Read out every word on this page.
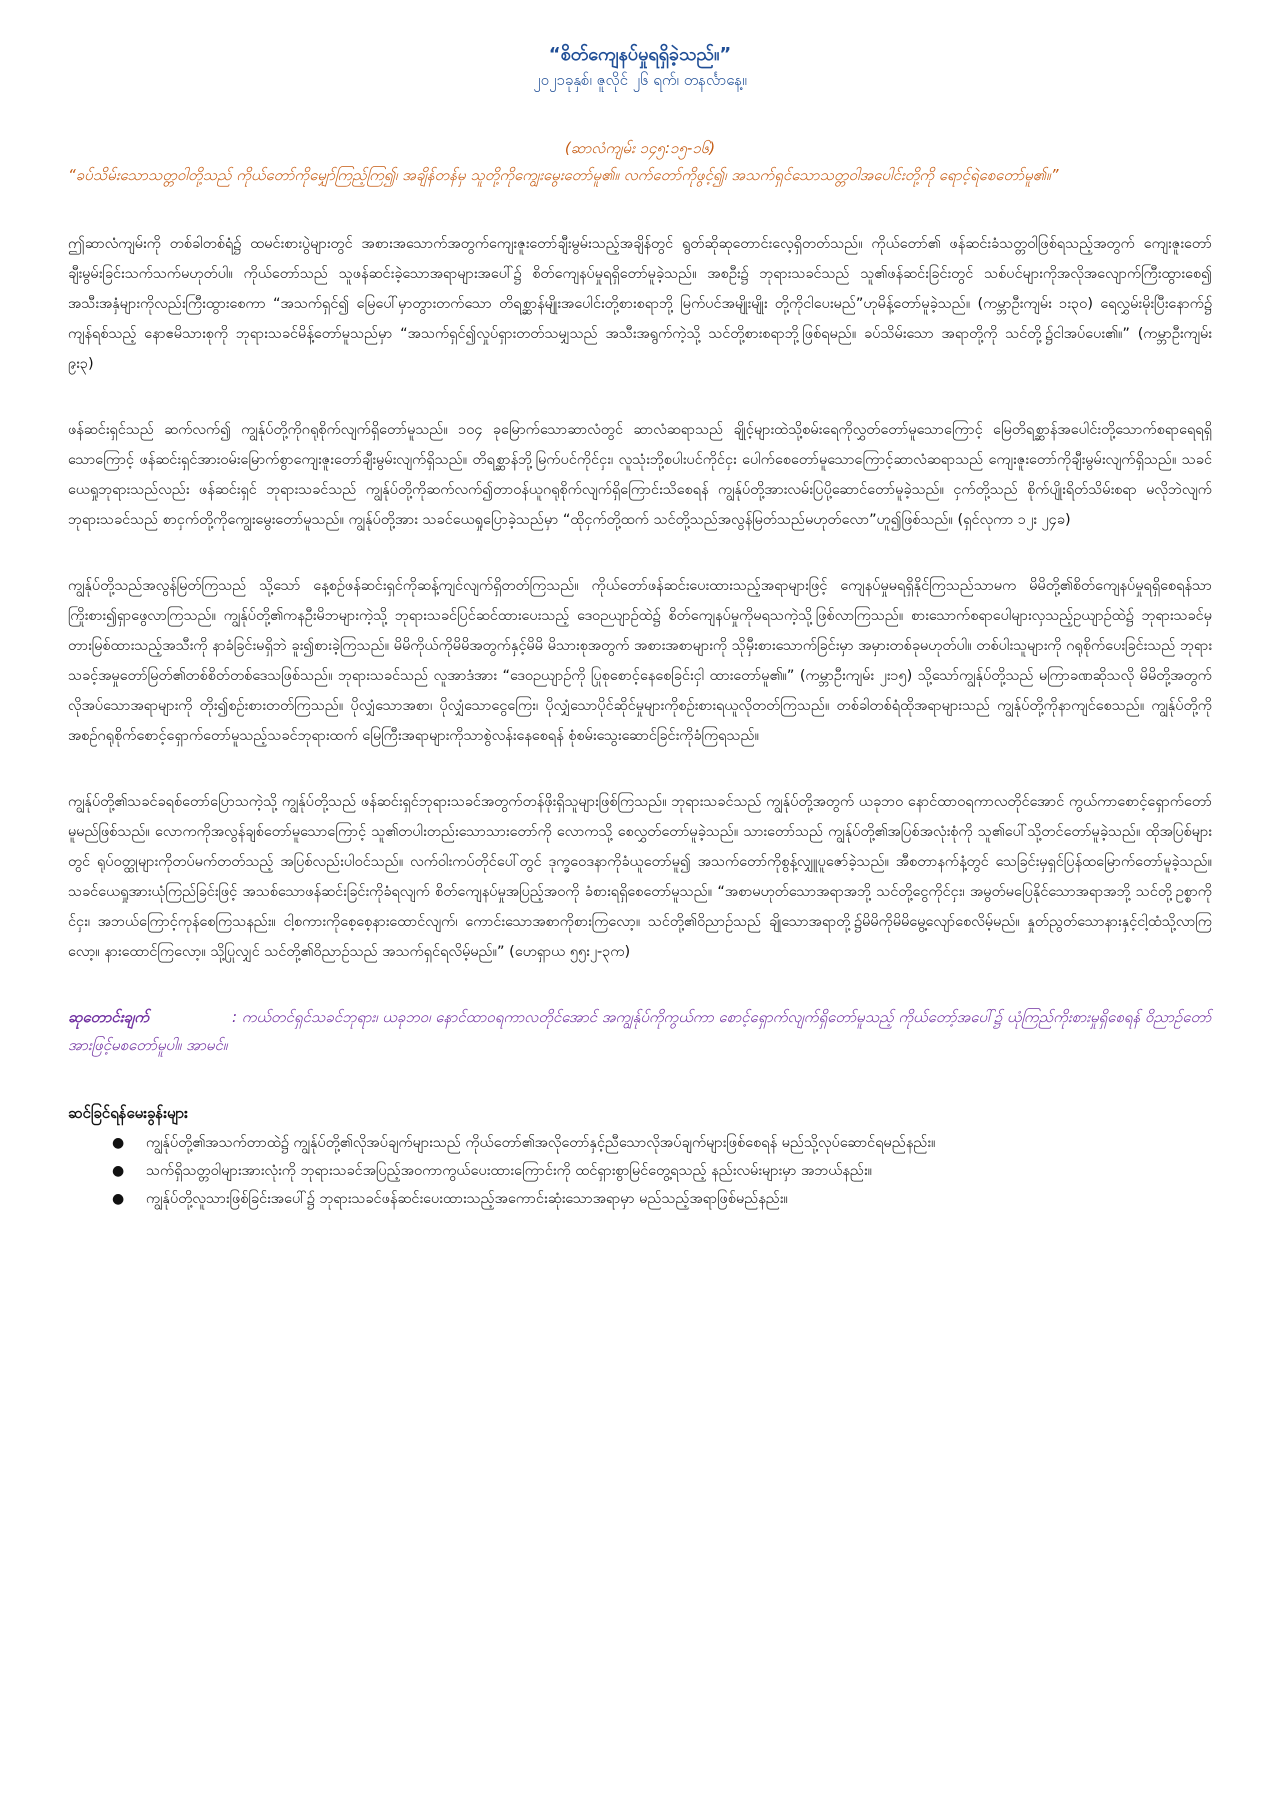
“စိတ်ကျေနပ်မှုရရှိခဲ့သည်။”

၂၀၂၁ခုနှစ်၊ ဇူလိုင် ၂၆ ရက်၊ တနင်္လာနေ့။

(ဆာလံကျမ်း ၁၄၅:၁၅-၁၆)

“ခပ်သိမ်းသောသတ္တဝါတို့သည် ကိုယ်တော်ကိုမျှော်ကြည့်ကြ၍၊ အချိန်တန်မှ သူတို့ကိုကျွေးမွေးတော်မူ၏။ လက်တော်ကိုဖွင့်၍၊ အသက်ရှင်သောသတ္တဝါအပေါင်းတို့ကို ရောင့်ရဲစေတော်မူ၏။”

ဤဆာလံကျမ်းကို တစ်ခါတစ်ရံ၌ ထမင်းစားပွဲများတွင် အစားအသောက်အတွက်ကျေးဇူးတော်ချီးမွမ်းသည့်အချိန်တွင် ရွတ်ဆိုဆုတောင်းလေ့ရှိတတ်သည်။ ကိုယ်တော်၏ ဖန်ဆင်းခံသတ္တဝါဖြစ်ရသည့်အတွက် ကျေးဇူးတော်ချီးမွမ်းခြင်းသက်သက်မဟုတ်ပါ။ ကိုယ်တော်သည် သူဖန်ဆင်းခဲ့သောအရာများအပေါ်၌ စိတ်ကျေနပ်မှုရရှိတော်မူခဲ့သည်။ အစဦး၌ ဘုရားသခင်သည် သူ၏ဖန်ဆင်းခြင်းတွင် သစ်ပင်များကိုအလိုအလျောက်ကြီးထွားစေ၍ အသီးအနှံများကိုလည်းကြီးထွားစေကာ “အသက်ရှင်၍ မြေပေါ်မှာတွားတက်သော တိရစ္ဆာန်မျိုးအပေါင်းတို့စားစရာဘို့ မြက်ပင်အမျိုးမျိုး တို့ကိုငါပေးမည်”ဟုမိန့်တော်မူခဲ့သည်။ (ကမ္ဘာဦးကျမ်း ၁း၃၀) ရေလွှမ်းမိုးပြီးနောက်၌ ကျန်ရစ်သည့် နောဧမိသားစုကို ဘုရားသခင်မိန့်တော်မူသည်မှာ “အသက်ရှင်၍လှုပ်ရှားတတ်သမျှသည် အသီးအရွက်ကဲ့သို့ သင်တို့စားစရာဘို့ဖြစ်ရမည်။ ခပ်သိမ်းသော အရာတို့ကို သင်တို့၌ငါအပ်ပေး၏။” (ကမ္ဘာဦးကျမ်း ၉း၃)

ဖန်ဆင်းရှင်သည် ဆက်လက်၍ ကျွန်ုပ်တို့ကိုဂရုစိုက်လျက်ရှိတော်မူသည်။ ၁၀၄ ခုမြောက်သောဆာလံတွင် ဆာလံဆရာသည် ချိုင့်များထဲသို့စမ်းရေကိုလွှတ်တော်မူသောကြောင့် မြေတိရစ္ဆာန်အပေါင်းတို့သောက်စရာရေရရှိသောကြောင့် ဖန်ဆင်းရှင်အားဝမ်းမြောက်စွာကျေးဇူးတော်ချီးမွမ်းလျက်ရှိသည်။ တိရစ္ဆာန်ဘို့မြက်ပင်ကိုင်ငှး၊ လူသုံးဘို့စပါးပင်ကိုင်ငှး ပေါက်စေတော်မူသောကြောင့်ဆာလံဆရာသည် ကျေးဇူးတော်ကိုချီးမွမ်းလျက်ရှိသည်။ သခင်ယေရှုဘုရားသည်လည်း ဖန်ဆင်းရှင် ဘုရားသခင်သည် ကျွန်ုပ်တို့ကိုဆက်လက်၍တာဝန်ယူဂရုစိုက်လျက်ရှိကြောင်းသိစေရန် ကျွန်ုပ်တို့အားလမ်းပြပို့ဆောင်တော်မူခဲ့သည်။ ငှက်တို့သည် စိုက်ပျိုးရိတ်သိမ်းစရာ မလိုဘဲလျက် ဘုရားသခင်သည် စာငှက်တို့ကိုကျွေးမွေးတော်မူသည်။ ကျွန်ုပ်တို့အား သခင်ယေရှုပြောခဲ့သည်မှာ “ထိုငှက်တို့ထက် သင်တို့သည်အလွန်မြတ်သည်မဟုတ်လော”ဟူ၍ဖြစ်သည်။ (ရှင်လုကာ ၁၂း ၂၄ခ)

ကျွန်ုပ်တို့သည်အလွန်မြတ်ကြသည် သို့သော် နေ့စဉ်ဖန်ဆင်းရှင်ကိုဆန့်ကျင်လျက်ရှိတတ်ကြသည်။ ကိုယ်တော်ဖန်ဆင်းပေးထားသည့်အရာများဖြင့် ကျေနပ်မှုမရရှိနိုင်ကြသည်သာမက မိမိတို့၏စိတ်ကျေနပ်မှုရရှိစေရန်သာ ကြိုးစား၍ရှာဖွေလာကြသည်။ ကျွန်ုပ်တို့၏ကနဦးမိဘများကဲ့သို့ ဘုရားသခင်ပြင်ဆင်ထားပေးသည့် ဒေဝဉယျာဉ်ထဲ၌ စိတ်ကျေနပ်မှုကိုမရသကဲ့သို့ဖြစ်လာကြသည်။ စားသောက်စရာပေါများလှသည့်ဥယျာဉ်ထဲ၌ ဘုရားသခင်မှတားမြစ်ထားသည့်အသီးကို နာခံခြင်းမရှိဘဲ ခူး၍စားခဲ့ကြသည်။ မိမိကိုယ်ကိုမိမိအတွက်နှင့်မိမိ မိသားစုအတွက် အစားအစာများကို သိုမှီးစားသောက်ခြင်းမှာ အမှားတစ်ခုမဟုတ်ပါ။ တစ်ပါးသူများကို ဂရုစိုက်ပေးခြင်းသည် ဘုရားသခင့်အမှုတော်မြတ်၏တစ်စိတ်တစ်ဒေသဖြစ်သည်။ ဘုရားသခင်သည် လူအာဒံအား “ဒေဝဉယျာဉ်ကို ပြုစုစောင့်နေစေခြင်းငှါ ထားတော်မူ၏။” (ကမ္ဘာဦးကျမ်း ၂း၁၅) သို့သော်ကျွန်ုပ်တို့သည် မကြာခဏဆိုသလို မိမိတို့အတွက်လိုအပ်သောအရာများကို တိုး၍စဉ်းစားတတ်ကြသည်။ ပိုလျှံသောအစာ၊ ပိုလျှံသောငွေကြေး၊ ပိုလျှံသောပိုင်ဆိုင်မှုများကိုစဉ်းစားရယူလိုတတ်ကြသည်။ တစ်ခါတစ်ရံထိုအရာများသည် ကျွန်ုပ်တို့ကိုနာကျင်စေသည်။ ကျွန်ုပ်တို့ကို အစဉ်ဂရုစိုက်စောင့်ရှောက်တော်မူသည့်သခင်ဘုရားထက် မြေကြီးအရာများကိုသာစွဲလန်းနေစေရန် စုံစမ်းသွေးဆောင်ခြင်းကိုခံကြရသည်။

ကျွန်ုပ်တို့၏သခင်ခရစ်တော်ပြောသကဲ့သို့ ကျွန်ုပ်တို့သည် ဖန်ဆင်းရှင်ဘုရားသခင်အတွက်တန်ဖိုးရှိသူများဖြစ်ကြသည်။ ဘုရားသခင်သည် ကျွန်ုပ်တို့အတွက် ယခုဘဝ နောင်ထာဝရကာလတိုင်အောင် ကွယ်ကာစောင့်ရှောက်တော်မူမည်ဖြစ်သည်။ လောကကိုအလွန်ချစ်တော်မူသောကြောင့် သူ၏တပါးတည်းသောသားတော်ကို လောကသို့ စေလွှတ်တော်မူခဲ့သည်။ သားတော်သည် ကျွန်ုပ်တို့၏အပြစ်အလုံးစုံကို သူ၏ပေါ်သို့တင်တော်မူခဲ့သည်။ ထိုအပြစ်များတွင် ရုပ်ဝတ္ထုများကိုတပ်မက်တတ်သည့် အပြစ်လည်းပါဝင်သည်။ လက်ဝါးကပ်တိုင်ပေါ်တွင် ဒုက္ခဝေဒနာကိုခံယူတော်မူ၍ အသက်တော်ကိုစွန့်လျှူပူဇော်ခဲ့သည်။ အီစတာနက်နံ့တွင် သေခြင်းမှရှင်ပြန်ထမြောက်တော်မူခဲ့သည်။ သခင်ယေရှုအားယုံကြည်ခြင်းဖြင့် အသစ်သောဖန်ဆင်းခြင်းကိုခံရလျက် စိတ်ကျေနပ်မှုအပြည့်အဝကို ခံစားရရှိစေတော်မူသည်။ “အစာမဟုတ်သောအရာအဘို့ သင်တို့ငွေကိုင်ငှး၊ အမွတ်မပြေနိုင်သောအရာအဘို့ သင်တို့ဥစ္စာကိုင်ငှး၊ အဘယ်ကြောင့်ကုန်စေကြသနည်း။ ငါ့စကားကိုစေ့စေ့နားထောင်လျက်၊ ကောင်းသောအစာကိုစားကြလော့။ သင်တို့၏ဝိညာဉ်သည် ချိုသောအရာတို့၌မိမိကိုမိမိမွေ့လျော်စေလိမ့်မည်။ နှုတ်ညွတ်သောနားနှင့်ငါ့ထံသို့လာကြလော့။ နားထောင်ကြလော့။ သို့ပြုလျှင် သင်တို့၏ဝိညာဉ်သည် အသက်ရှင်ရလိမ့်မည်။” (ဟေရှာယ ၅၅း၂-၃က)

ဆုတောင်းချက်	: ကယ်တင်ရှင်သခင်ဘုရား၊ ယခုဘဝ၊ နောင်ထာဝရကာလတိုင်အောင် အကျွန်ုပ်ကိုကွယ်ကာ စောင့်ရှောက်လျက်ရှိတော်မူသည့် ကိုယ်တော့်အပေါ်၌ ယုံကြည်ကိုးစားမှုရှိစေရန် ဝိညာဉ်တော်အားဖြင့်မစတော်မူပါ။ အာမင်။

ဆင်ခြင်ရန်မေးခွန်းများ

● ကျွန်ုပ်တို့၏အသက်တာထဲ၌ ကျွန်ုပ်တို့၏လိုအပ်ချက်များသည် ကိုယ်တော်၏အလိုတော်နှင့်ညီသောလိုအပ်ချက်များဖြစ်စေရန် မည်သို့လုပ်ဆောင်ရမည်နည်း။
● သက်ရှိသတ္တဝါများအားလုံးကို ဘုရားသခင်အပြည့်အဝကာကွယ်ပေးထားကြောင်းကို ထင်ရှားစွာမြင်တွေ့ရသည့် နည်းလမ်းများမှာ အဘယ်နည်း။
● ကျွန်ုပ်တို့လူသားဖြစ်ခြင်းအပေါ်၌ ဘုရားသခင်ဖန်ဆင်းပေးထားသည့်အကောင်းဆုံးသောအရာမှာ မည်သည့်အရာဖြစ်မည်နည်း။
